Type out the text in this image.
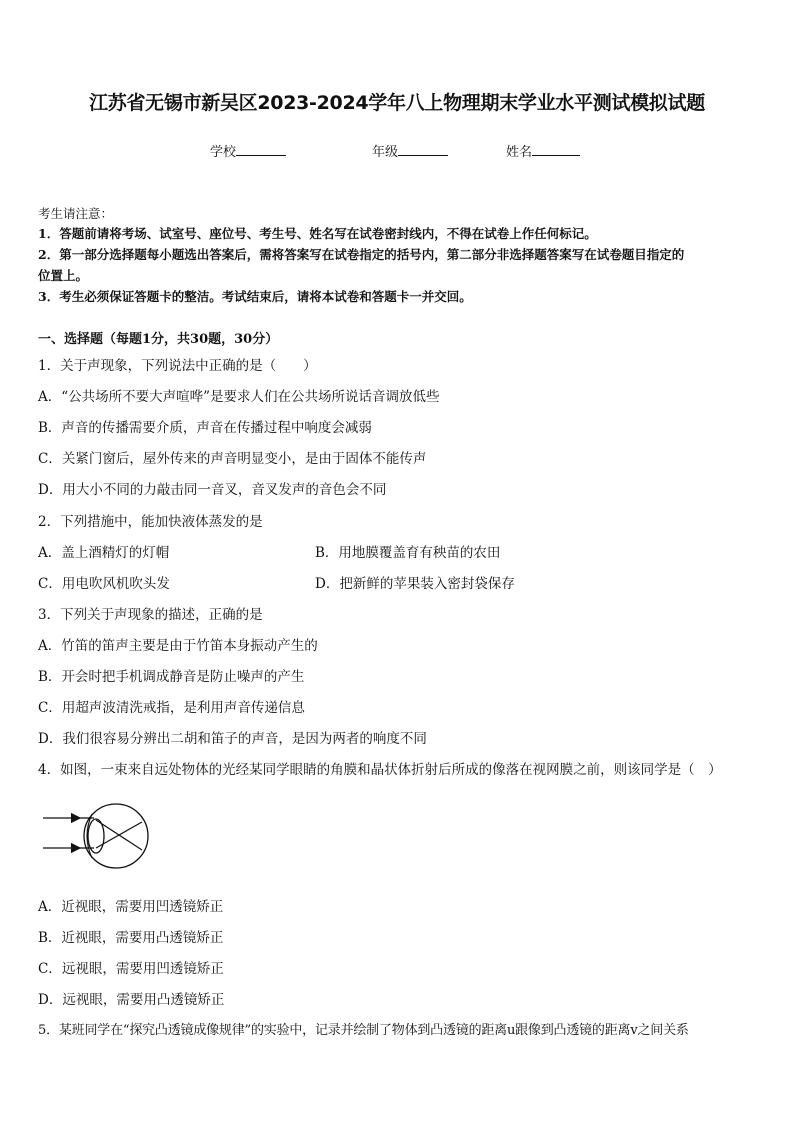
江苏省无锡市新吴区2023-2024学年八上物理期末学业水平测试模拟试题
学校	年级	姓名
考生请注意：
1．答题前请将考场、试室号、座位号、考生号、姓名写在试卷密封线内，不得在试卷上作任何标记。
2．第一部分选择题每小题选出答案后，需将答案写在试卷指定的括号内，第二部分非选择题答案写在试卷题目指定的
位置上。
3．考生必须保证答题卡的整洁。考试结束后，请将本试卷和答题卡一并交回。
一、选择题（每题1分，共30题，30分）
1．关于声现象，下列说法中正确的是（　　）
A．“公共场所不要大声喧哗”是要求人们在公共场所说话音调放低些
B．声音的传播需要介质，声音在传播过程中响度会减弱
C．关紧门窗后，屋外传来的声音明显变小，是由于固体不能传声
D．用大小不同的力敲击同一音叉，音叉发声的音色会不同
2．下列措施中，能加快液体蒸发的是
A．盖上酒精灯的灯帽	B．用地膜覆盖育有秧苗的农田
C．用电吹风机吹头发	D．把新鲜的苹果装入密封袋保存
3．下列关于声现象的描述，正确的是
A．竹笛的笛声主要是由于竹笛本身振动产生的
B．开会时把手机调成静音是防止噪声的产生
C．用超声波清洗戒指，是利用声音传递信息
D．我们很容易分辨出二胡和笛子的声音，是因为两者的响度不同
4．如图，一束来自远处物体的光经某同学眼睛的角膜和晶状体折射后所成的像落在视网膜之前，则该同学是（　）
A．近视眼，需要用凹透镜矫正
B．近视眼，需要用凸透镜矫正
C．远视眼，需要用凹透镜矫正
D．远视眼，需要用凸透镜矫正
5．某班同学在“探究凸透镜成像规律”的实验中，记录并绘制了物体到凸透镜的距离u跟像到凸透镜的距离v之间关系
